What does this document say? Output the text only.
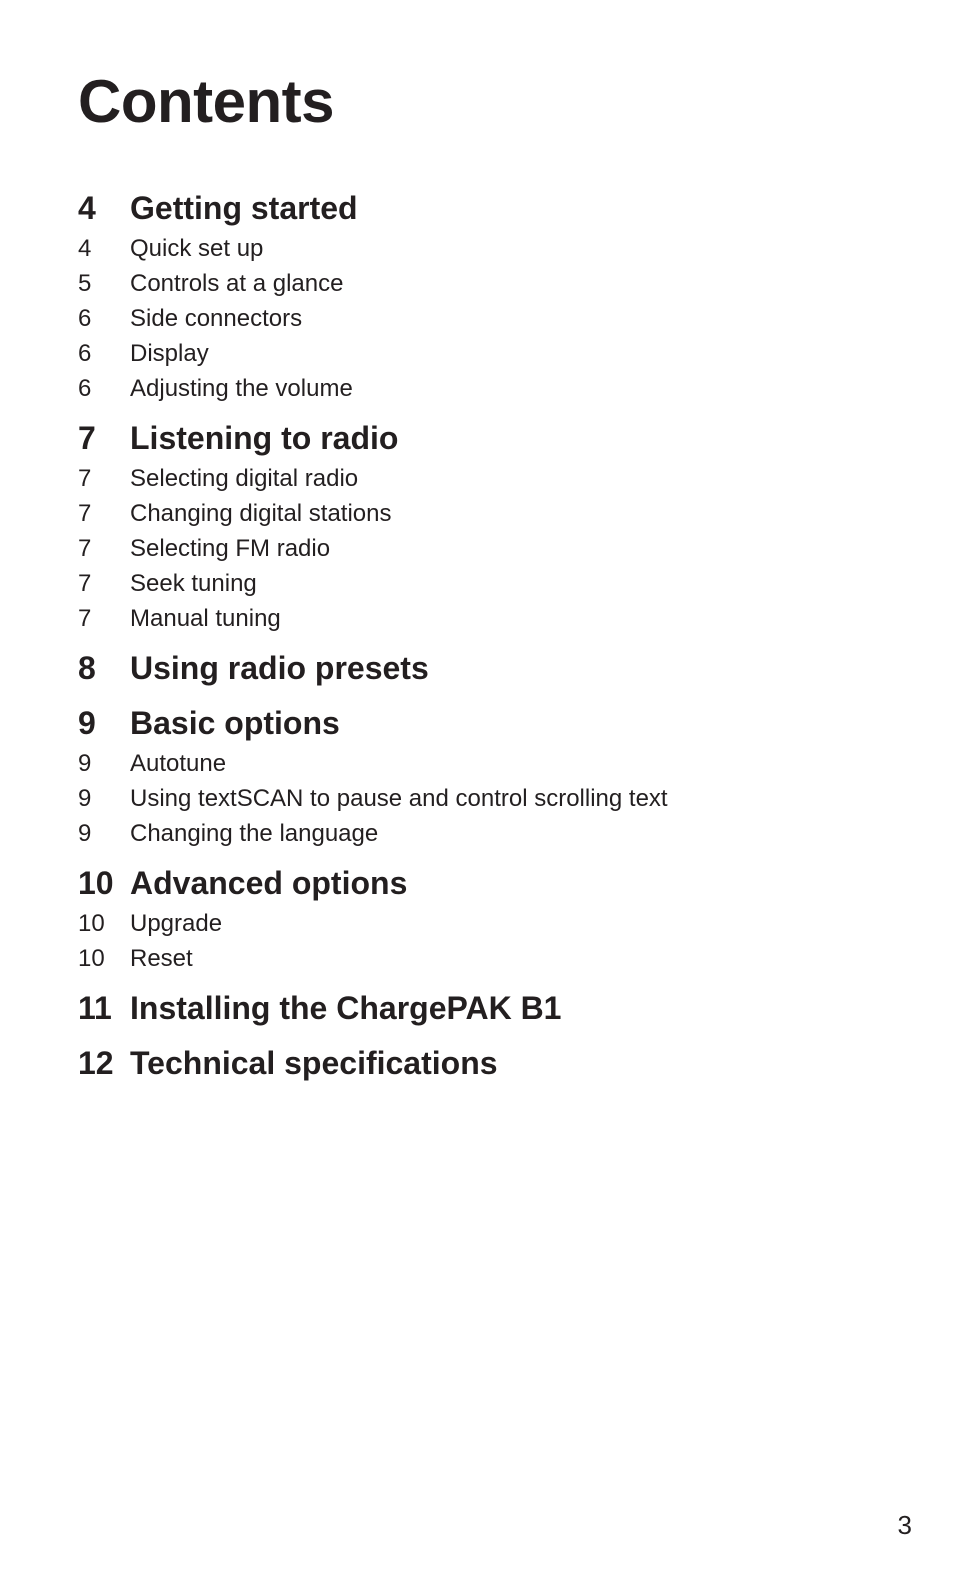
Contents
4 Getting started
4 Quick set up
5 Controls at a glance
6 Side connectors
6 Display
6 Adjusting the volume
7 Listening to radio
7 Selecting digital radio
7 Changing digital stations
7 Selecting FM radio
7 Seek tuning
7 Manual tuning
8 Using radio presets
9 Basic options
9 Autotune
9 Using textSCAN to pause and control scrolling text
9 Changing the language
10 Advanced options
10 Upgrade
10 Reset
11 Installing the ChargePAK B1
12 Technical specifications
3
